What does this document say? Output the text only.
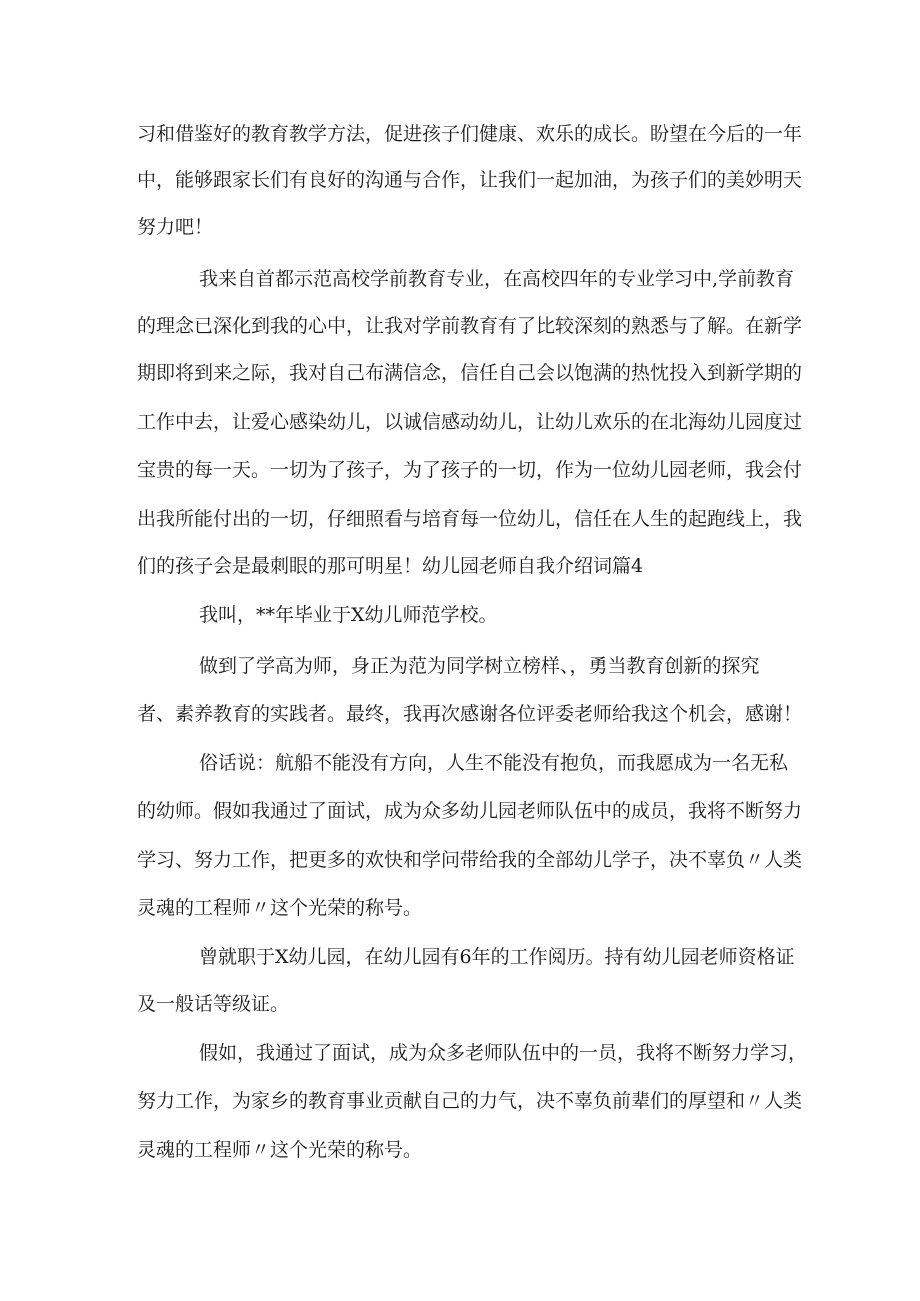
习和借鉴好的教育教学方法，促进孩子们健康、欢乐的成长。盼望在今后的一年
中，能够跟家长们有良好的沟通与合作，让我们一起加油，为孩子们的美妙明天
努力吧！
我来自首都示范高校学前教育专业，在高校四年的专业学习中,学前教育
的理念已深化到我的心中，让我对学前教育有了比较深刻的熟悉与了解。在新学
期即将到来之际，我对自己布满信念，信任自己会以饱满的热忱投入到新学期的
工作中去，让爱心感染幼儿，以诚信感动幼儿，让幼儿欢乐的在北海幼儿园度过
宝贵的每一天。一切为了孩子，为了孩子的一切，作为一位幼儿园老师，我会付
出我所能付出的一切，仔细照看与培育每一位幼儿，信任在人生的起跑线上，我
们的孩子会是最刺眼的那可明星！幼儿园老师自我介绍词篇4
我叫，**年毕业于X幼儿师范学校。
做到了学高为师，身正为范为同学树立榜样、，勇当教育创新的探究
者、素养教育的实践者。最终，我再次感谢各位评委老师给我这个机会，感谢！
俗话说：航船不能没有方向，人生不能没有抱负，而我愿成为一名无私
的幼师。假如我通过了面试，成为众多幼儿园老师队伍中的成员，我将不断努力
学习、努力工作，把更多的欢快和学问带给我的全部幼儿学子，决不辜负〃人类
灵魂的工程师〃这个光荣的称号。
曾就职于X幼儿园，在幼儿园有6年的工作阅历。持有幼儿园老师资格证
及一般话等级证。
假如，我通过了面试，成为众多老师队伍中的一员，我将不断努力学习，
努力工作，为家乡的教育事业贡献自己的力气，决不辜负前辈们的厚望和〃人类
灵魂的工程师〃这个光荣的称号。
